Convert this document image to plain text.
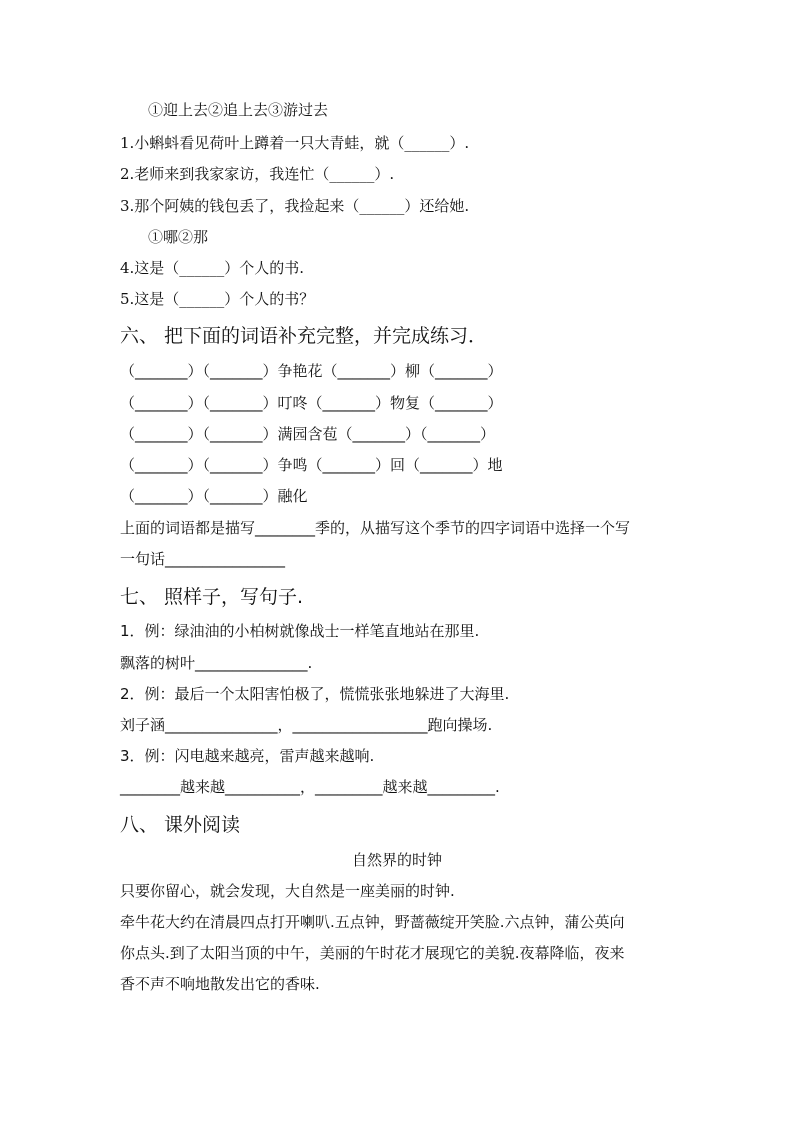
①迎上去②追上去③游过去
1.小蝌蚪看见荷叶上蹲着一只大青蛙，就（______）.
2.老师来到我家家访，我连忙（______）.
3.那个阿姨的钱包丢了，我捡起来（______）还给她.
①哪②那
4.这是（______）个人的书.
5.这是（______）个人的书？
六、 把下面的词语补充完整，并完成练习．
（_______）（_______）争艳花（_______）柳（_______）
（_______）（_______）叮咚（_______）物复（_______）
（_______）（_______）满园含苞（_______）（_______）
（_______）（_______）争鸣（_______）回（_______）地
（_______）（_______）融化
上面的词语都是描写________季的，从描写这个季节的四字词语中选择一个写
一句话________________
七、 照样子，写句子.
1．例：绿油油的小柏树就像战士一样笔直地站在那里.
飘落的树叶_______________.
2．例：最后一个太阳害怕极了，慌慌张张地躲进了大海里.
刘子涵_______________，__________________跑向操场.
3．例：闪电越来越亮，雷声越来越响.
________越来越__________，_________越来越_________.
八、 课外阅读
自然界的时钟
只要你留心，就会发现，大自然是一座美丽的时钟.
牵牛花大约在清晨四点打开喇叭.五点钟，野蔷薇绽开笑脸.六点钟，蒲公英向
你点头.到了太阳当顶的中午，美丽的午时花才展现它的美貌.夜幕降临，夜来
香不声不响地散发出它的香味.
